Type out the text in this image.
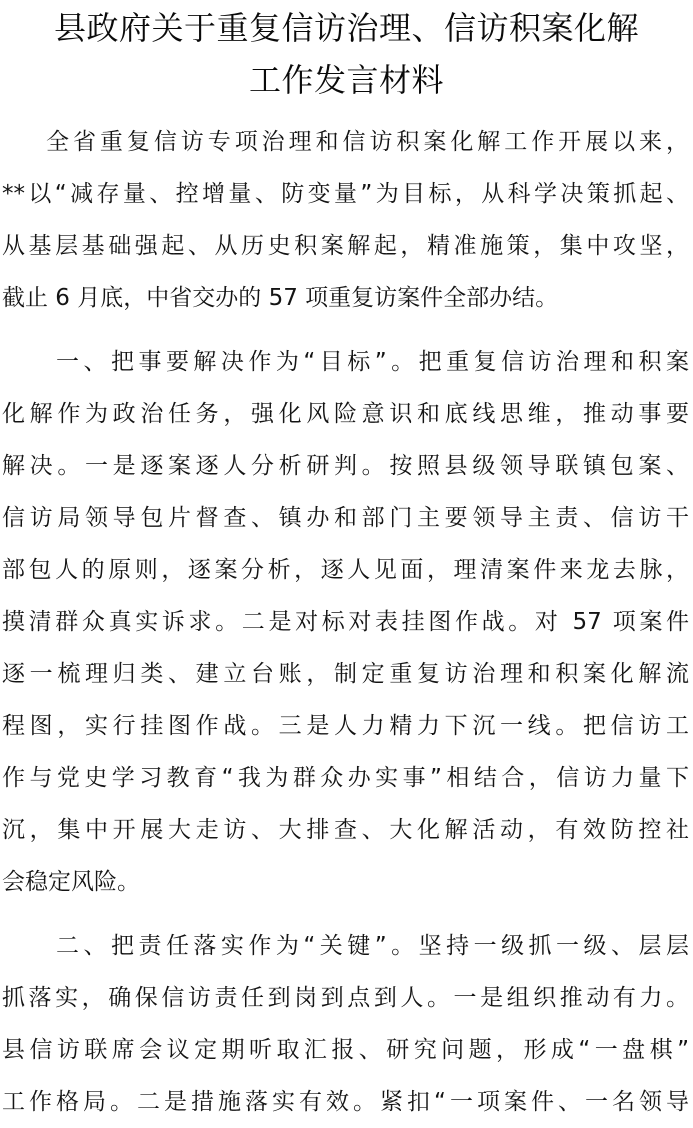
县政府关于重复信访治理、信访积案化解
工作发言材料

全省重复信访专项治理和信访积案化解工作开展以来，
**以“减存量、控增量、防变量”为目标，从科学决策抓起、
从基层基础强起、从历史积案解起，精准施策，集中攻坚，
截止 6 月底，中省交办的 57 项重复访案件全部办结。

一、把事要解决作为“目标”。把重复信访治理和积案
化解作为政治任务，强化风险意识和底线思维，推动事要
解决。一是逐案逐人分析研判。按照县级领导联镇包案、
信访局领导包片督查、镇办和部门主要领导主责、信访干
部包人的原则，逐案分析，逐人见面，理清案件来龙去脉，
摸清群众真实诉求。二是对标对表挂图作战。对 57 项案件
逐一梳理归类、建立台账，制定重复访治理和积案化解流
程图，实行挂图作战。三是人力精力下沉一线。把信访工
作与党史学习教育“我为群众办实事”相结合，信访力量下
沉，集中开展大走访、大排查、大化解活动，有效防控社
会稳定风险。

二、把责任落实作为“关键”。坚持一级抓一级、层层
抓落实，确保信访责任到岗到点到人。一是组织推动有力。
县信访联席会议定期听取汇报、研究问题，形成“一盘棋”
工作格局。二是措施落实有效。紧扣“一项案件、一名领导
